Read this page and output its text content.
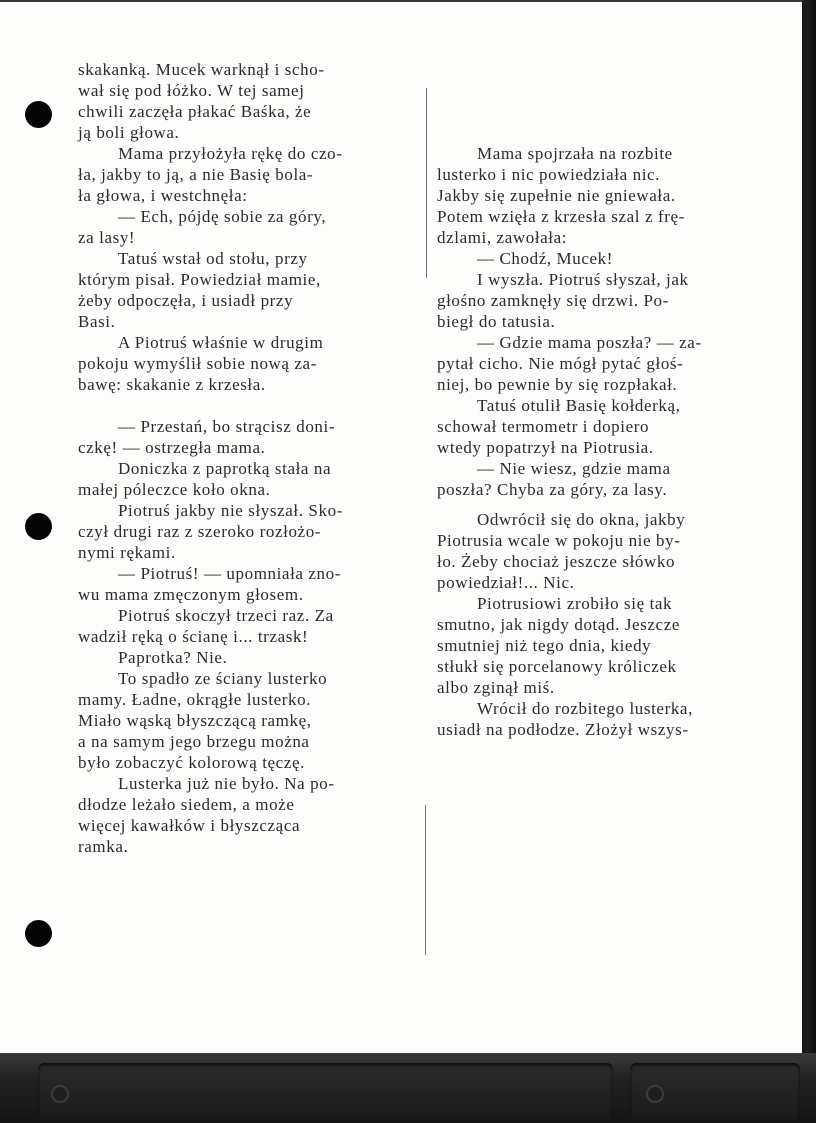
skakanką. Mucek warknął i scho-

wał się pod łóżko. W tej samej

chwili zaczęła płakać Baśka, że

ją boli głowa.

Mama przyłożyła rękę do czo-

ła, jakby to ją, a nie Basię bola-

ła głowa, i westchnęła:

— Ech, pójdę sobie za góry,

za lasy!

Tatuś wstał od stołu, przy

którym pisał. Powiedział mamie,

żeby odpoczęła, i usiadł przy

Basi.

A Piotruś właśnie w drugim

pokoju wymyślił sobie nową za-

bawę: skakanie z krzesła.

— Przestań, bo strącisz doni-

czkę! — ostrzegła mama.

Doniczka z paprotką stała na

małej póleczce koło okna.

Piotruś jakby nie słyszał. Sko-

czył drugi raz z szeroko rozłożo-

nymi rękami.

— Piotruś! — upomniała zno-

wu mama zmęczonym głosem.

Piotruś skoczył trzeci raz. Za

wadził ręką o ścianę i... trzask!

Paprotka? Nie.

To spadło ze ściany lusterko

mamy. Ładne, okrągłe lusterko.

Miało wąską błyszczącą ramkę,

a na samym jego brzegu można

było zobaczyć kolorową tęczę.

Lusterka już nie było. Na po-

dłodze leżało siedem, a może

więcej kawałków i błyszcząca

ramka.

Mama spojrzała na rozbite

lusterko i nic powiedziała nic.

Jakby się zupełnie nie gniewała.

Potem wzięła z krzesła szal z frę-

dzlami, zawołała:

— Chodź, Mucek!

I wyszła. Piotruś słyszał, jak

głośno zamknęły się drzwi. Po-

biegł do tatusia.

— Gdzie mama poszła? — za-

pytał cicho. Nie mógł pytać głoś-

niej, bo pewnie by się rozpłakał.

Tatuś otulił Basię kołderką,

schował termometr i dopiero

wtedy popatrzył na Piotrusia.

— Nie wiesz, gdzie mama

poszła? Chyba za góry, za lasy.

Odwrócił się do okna, jakby

Piotrusia wcale w pokoju nie by-

ło. Żeby chociaż jeszcze słówko

powiedział!... Nic.

Piotrusiowi zrobiło się tak

smutno, jak nigdy dotąd. Jeszcze

smutniej niż tego dnia, kiedy

stłukł się porcelanowy króliczek

albo zginął miś.

Wrócił do rozbitego lusterka,

usiadł na podłodze. Złożył wszys-
